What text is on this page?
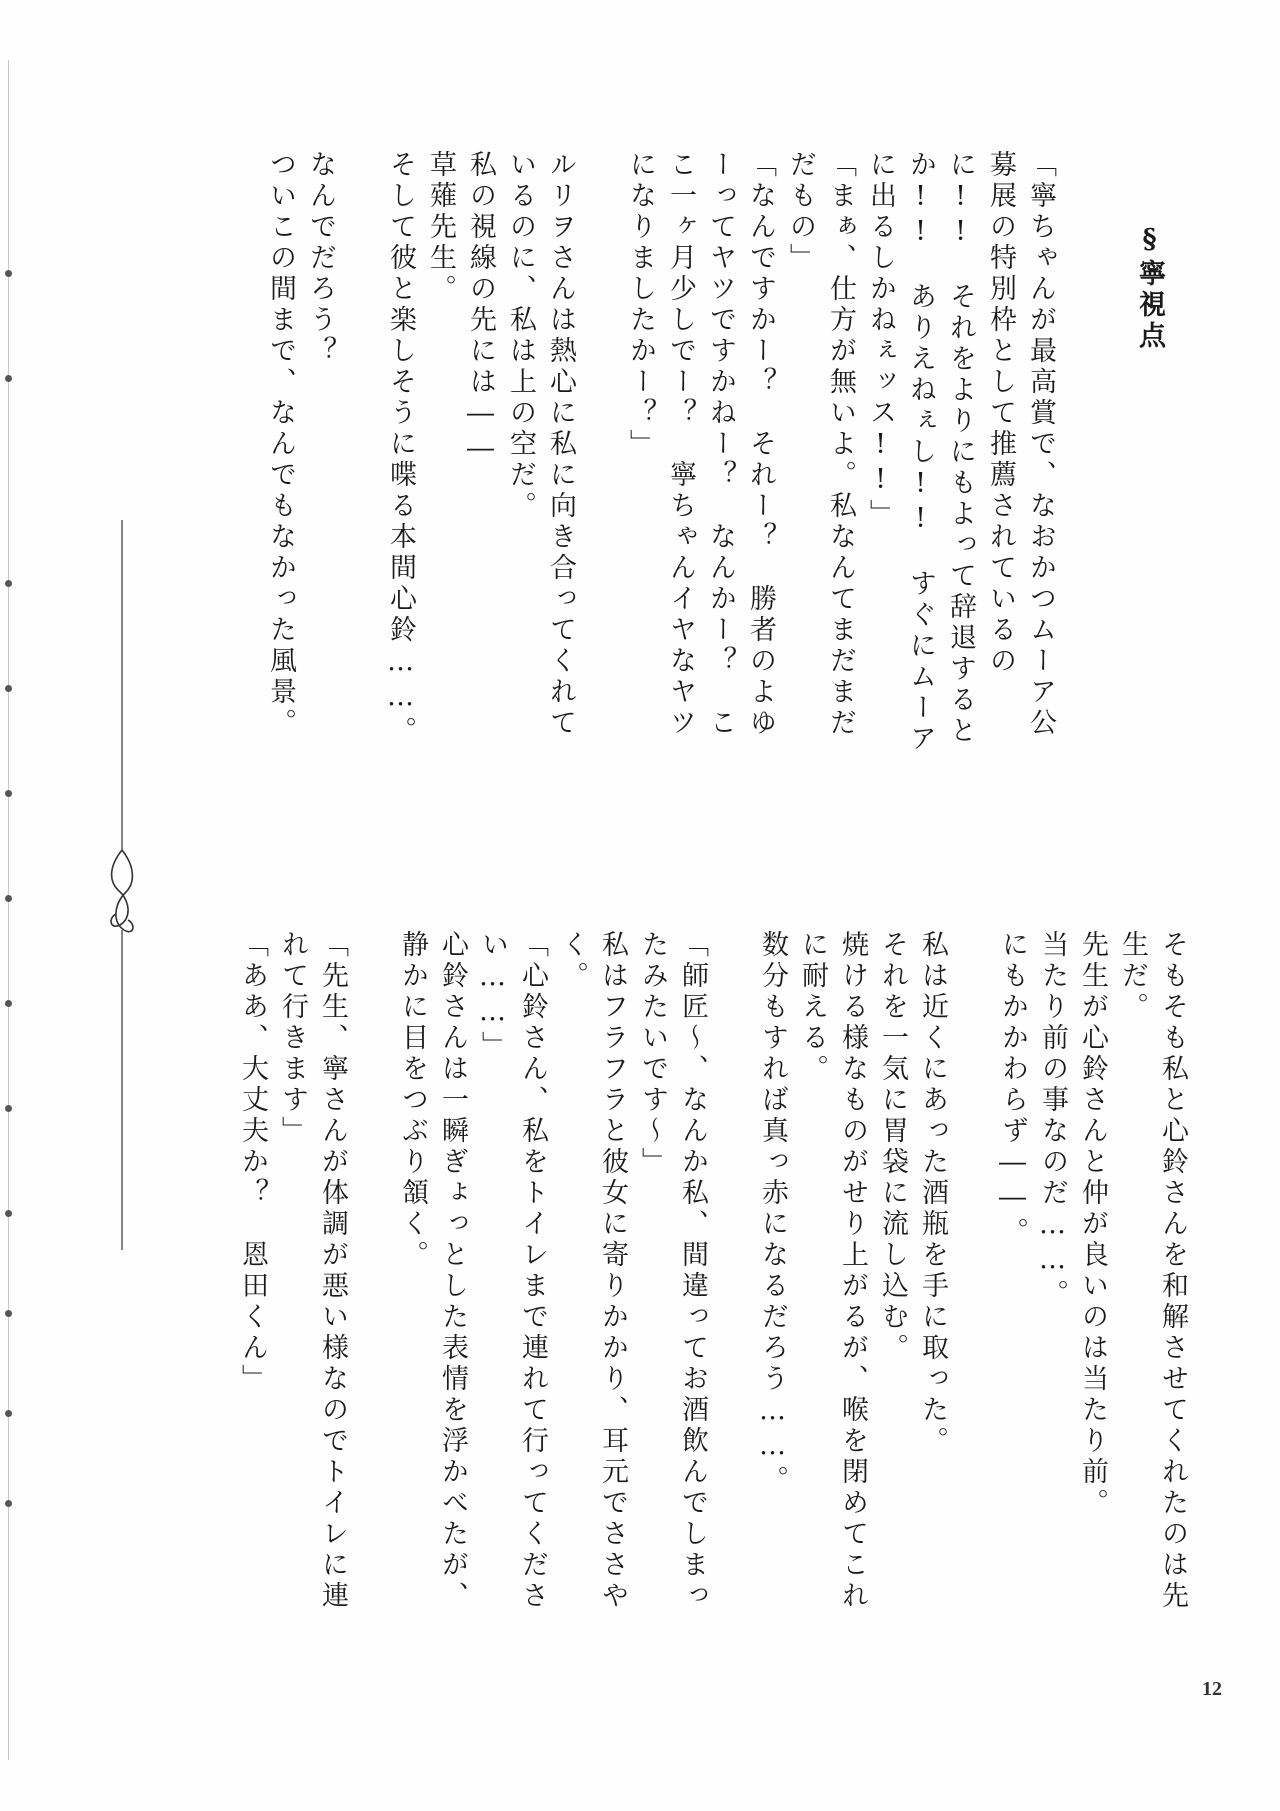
§寧視点

「寧ちゃんが最高賞で、なおかつムーア公募展の特別枠として推薦されているのに!!　それをよりにもよって辞退するとか!!　ありえねぇし!!　すぐにムーアに出るしかねぇッス!!」

「まぁ、仕方が無いよ。私なんてまだまだだもの」

「なんですかー？　それー？　勝者のよゆーってヤツですかねー？　なんかー？　ここ一ヶ月少しでー？　寧ちゃんイヤなヤツになりましたかー？」

ルリヲさんは熱心に私に向き合ってくれているのに、私は上の空だ。

私の視線の先には――

草薙先生。

そして彼と楽しそうに喋る本間心鈴……。

なんでだろう？

ついこの間まで、なんでもなかった風景。

そもそも私と心鈴さんを和解させてくれたのは先生だ。

先生が心鈴さんと仲が良いのは当たり前。

当たり前の事なのだ……。

にもかかわらず――。

私は近くにあった酒瓶を手に取った。

それを一気に胃袋に流し込む。

焼ける様なものがせり上がるが、喉を閉めてこれに耐える。

数分もすれば真っ赤になるだろう……。

「師匠～、なんか私、間違ってお酒飲んでしまったみたいです～」

私はフラフラと彼女に寄りかかり、耳元でささやく。

「心鈴さん、私をトイレまで連れて行ってください……」

心鈴さんは一瞬ぎょっとした表情を浮かべたが、静かに目をつぶり頷く。

「先生、寧さんが体調が悪い様なのでトイレに連れて行きます」

「ああ、大丈夫か？　恩田くん」

12
